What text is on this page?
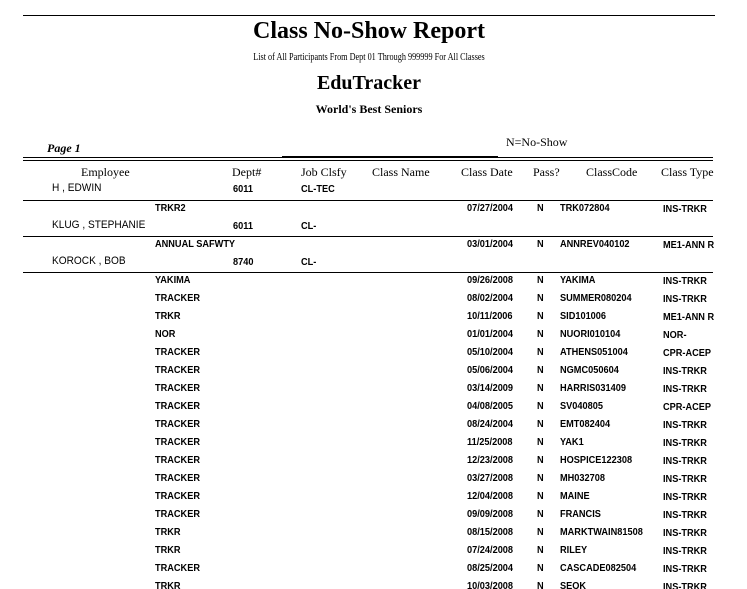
Class No-Show Report
List of All Participants From Dept 01 Through 999999 For All Classes
EduTracker
World's Best Seniors
Page 1	N=No-Show
Employee	Dept#	Job Clsfy Class Name	Class Date Pass? ClassCode Class Type
H , EDWIN	6011	CL-TEC
TRKR2	07/27/2004 N TRK072804	INS-TRKR
KLUG , STEPHANIE	6011	CL-
ANNUAL SAFWTY	03/01/2004 N ANNREV040102	ME1-ANN R
KOROCK , BOB	8740	CL-
YAKIMA	09/26/2008 N YAKIMA	INS-TRKR
TRACKER	08/02/2004 N SUMMER080204	INS-TRKR
TRKR	10/11/2006 N SID101006	ME1-ANN R
NOR	01/01/2004 N NUORI010104	NOR-
TRACKER	05/10/2004 N ATHENS051004	CPR-ACEP
TRACKER	05/06/2004 N NGMC050604	INS-TRKR
TRACKER	03/14/2009 N HARRIS031409	INS-TRKR
TRACKER	04/08/2005 N SV040805	CPR-ACEP
TRACKER	08/24/2004 N EMT082404	INS-TRKR
TRACKER	11/25/2008 N YAK1	INS-TRKR
TRACKER	12/23/2008 N HOSPICE122308	INS-TRKR
TRACKER	03/27/2008 N MH032708	INS-TRKR
TRACKER	12/04/2008 N MAINE	INS-TRKR
TRACKER	09/09/2008 N FRANCIS	INS-TRKR
TRKR	08/15/2008 N MARKTWAIN81508 INS-TRKR
TRKR	07/24/2008 N RILEY	INS-TRKR
TRACKER	08/25/2004 N CASCADE082504	INS-TRKR
TRKR	10/03/2008 N SEOK	INS-TRKR
